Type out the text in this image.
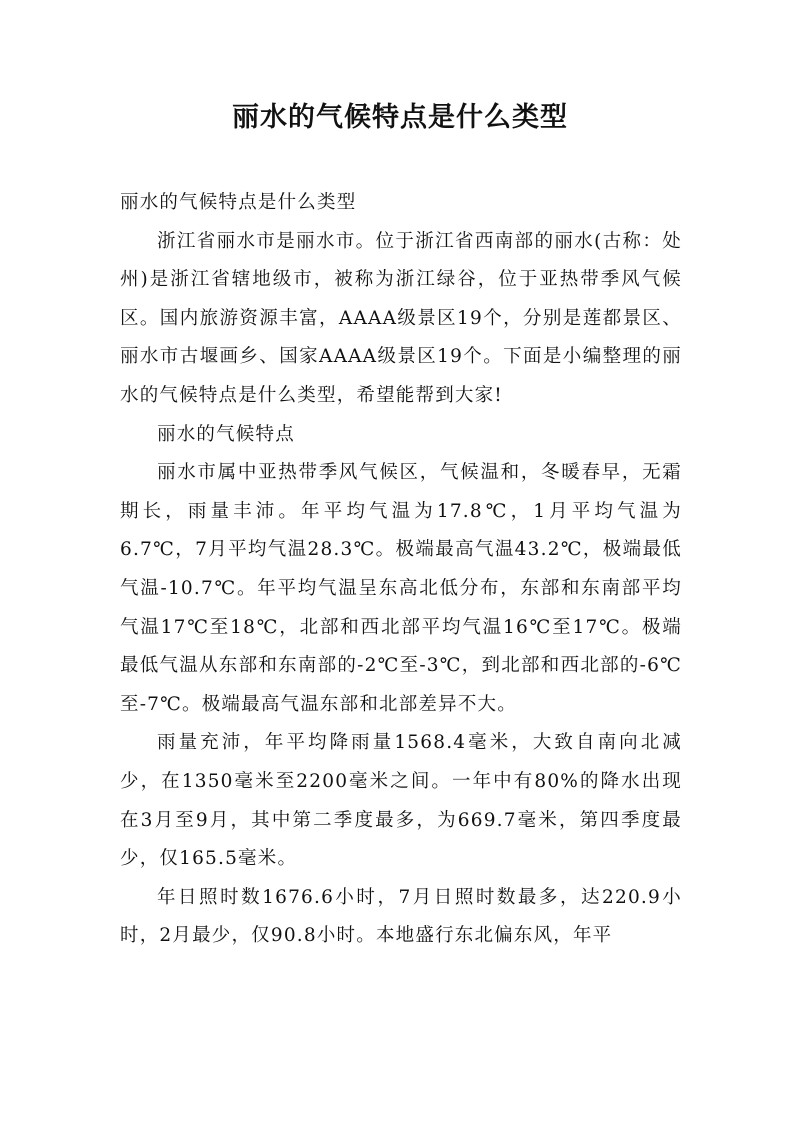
丽水的气候特点是什么类型

丽水的气候特点是什么类型

浙江省丽水市是丽水市。位于浙江省西南部的丽水(古称：处州)是浙江省辖地级市，被称为浙江绿谷，位于亚热带季风气候区。国内旅游资源丰富，AAAA级景区19个，分别是莲都景区、丽水市古堰画乡、国家AAAA级景区19个。下面是小编整理的丽水的气候特点是什么类型，希望能帮到大家!

丽水的气候特点

丽水市属中亚热带季风气候区，气候温和，冬暖春早，无霜期长，雨量丰沛。年平均气温为17.8℃，1月平均气温为6.7℃，7月平均气温28.3℃。极端最高气温43.2℃，极端最低气温-10.7℃。年平均气温呈东高北低分布，东部和东南部平均气温17℃至18℃，北部和西北部平均气温16℃至17℃。极端最低气温从东部和东南部的-2℃至-3℃，到北部和西北部的-6℃至-7℃。极端最高气温东部和北部差异不大。

雨量充沛，年平均降雨量1568.4毫米，大致自南向北减少，在1350毫米至2200毫米之间。一年中有80%的降水出现在3月至9月，其中第二季度最多，为669.7毫米，第四季度最少，仅165.5毫米。

年日照时数1676.6小时，7月日照时数最多，达220.9小时，2月最少，仅90.8小时。本地盛行东北偏东风，年平
